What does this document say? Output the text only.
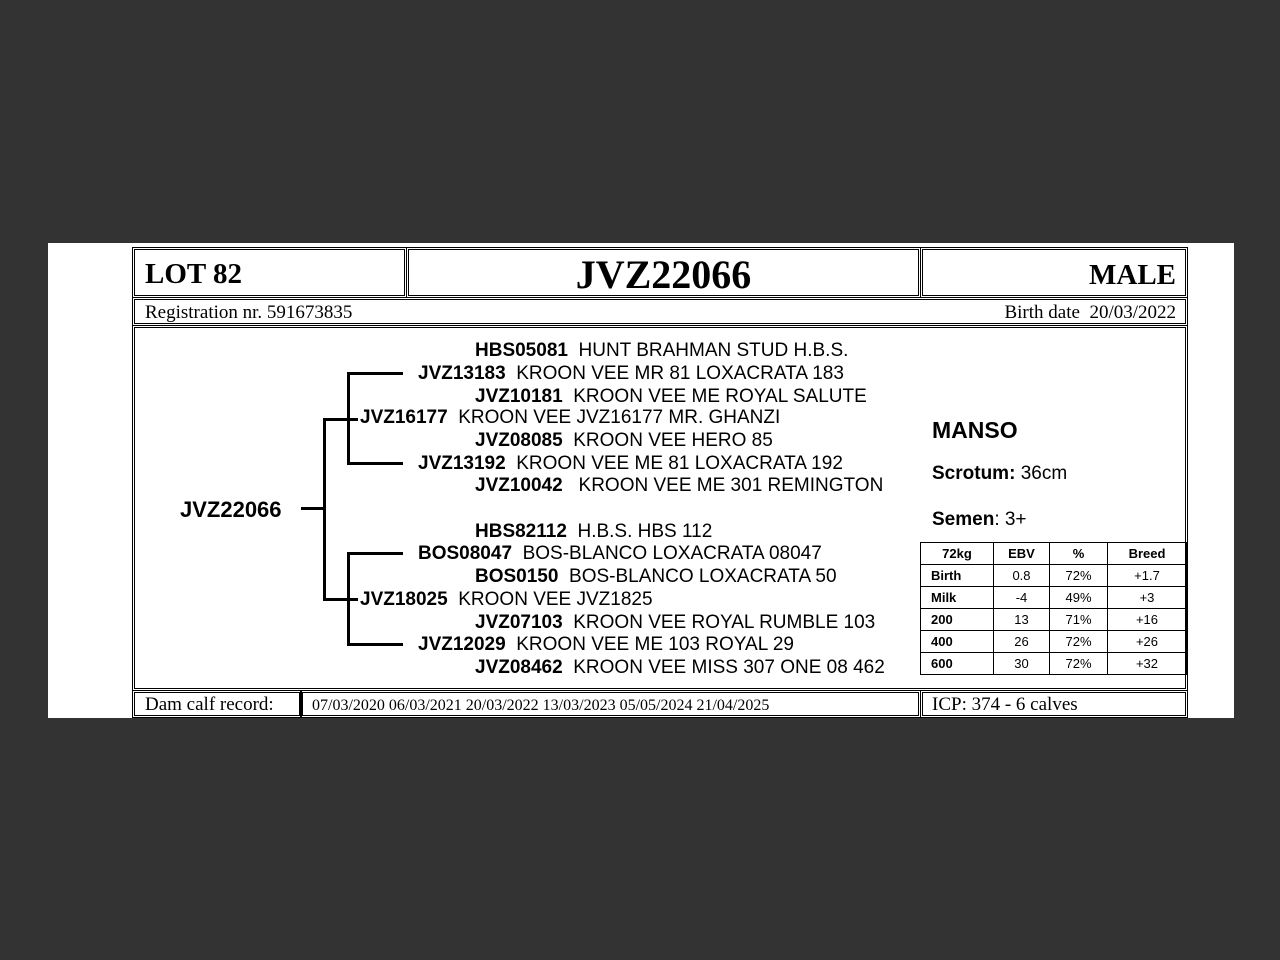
LOT 82	JVZ22066	MALE
Registration nr. 591673835	Birth date 20/03/2022
JVZ22066
HBS05081 HUNT BRAHMAN STUD H.B.S.
JVZ13183 KROON VEE MR 81 LOXACRATA 183
JVZ10181 KROON VEE ME ROYAL SALUTE
JVZ16177 KROON VEE JVZ16177 MR. GHANZI
JVZ08085 KROON VEE HERO 85
JVZ13192 KROON VEE ME 81 LOXACRATA 192
JVZ10042 KROON VEE ME 301 REMINGTON
HBS82112 H.B.S. HBS 112
BOS08047 BOS-BLANCO LOXACRATA 08047
BOS0150 BOS-BLANCO LOXACRATA 50
JVZ18025 KROON VEE JVZ1825
JVZ07103 KROON VEE ROYAL RUMBLE 103
JVZ12029 KROON VEE ME 103 ROYAL 29
JVZ08462 KROON VEE MISS 307 ONE 08 462
MANSO
Scrotum: 36cm
Semen: 3+
72kg	EBV	%	Breed
Birth	0.8	72%	+1.7
Milk	-4	49%	+3
200	13	71%	+16
400	26	72%	+26
600	30	72%	+32
Dam calf record: 07/03/2020 06/03/2021 20/03/2022 13/03/2023 05/05/2024 21/04/2025	ICP: 374 - 6 calves
